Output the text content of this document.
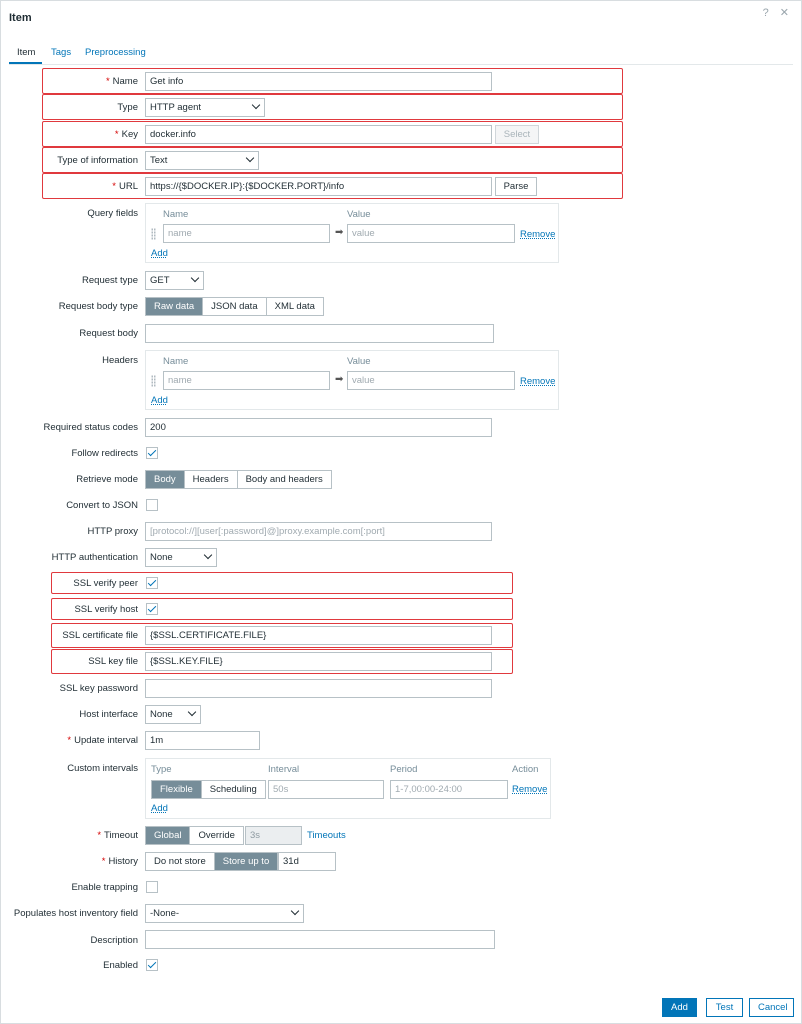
Item	? ✕
Item Tags Preprocessing
* Name	Get info
Type	HTTP agent
* Key	docker.info	Select
Type of information	Text
* URL	https://{$DOCKER.IP}:{$DOCKER.PORT}/info	Parse
Query fields	Name	Value
name	➡ value	Remove
Add
Request type	GET
Request body type	Raw data	JSON data	XML data
Request body
Headers	Name	Value
name	➡ value	Remove
Add
Required status codes	200
Follow redirects
Retrieve mode	Body	Headers	Body and headers
Convert to JSON
HTTP proxy	[protocol://][user[:password]@]proxy.example.com[:port]
HTTP authentication	None
SSL verify peer
SSL verify host
SSL certificate file	{$SSL.CERTIFICATE.FILE}
SSL key file	{$SSL.KEY.FILE}
SSL key password
Host interface	None
* Update interval	1m
Custom intervals Type	Interval	Period	Action
Flexible	Scheduling	50s	1-7,00:00-24:00	Remove
Add
* Timeout	Global	Override	3s	Timeouts
* History	Do not store	Store up to	31d
Enable trapping
Populates host inventory field	-None-
Description
Enabled
Add	Test	Cancel
